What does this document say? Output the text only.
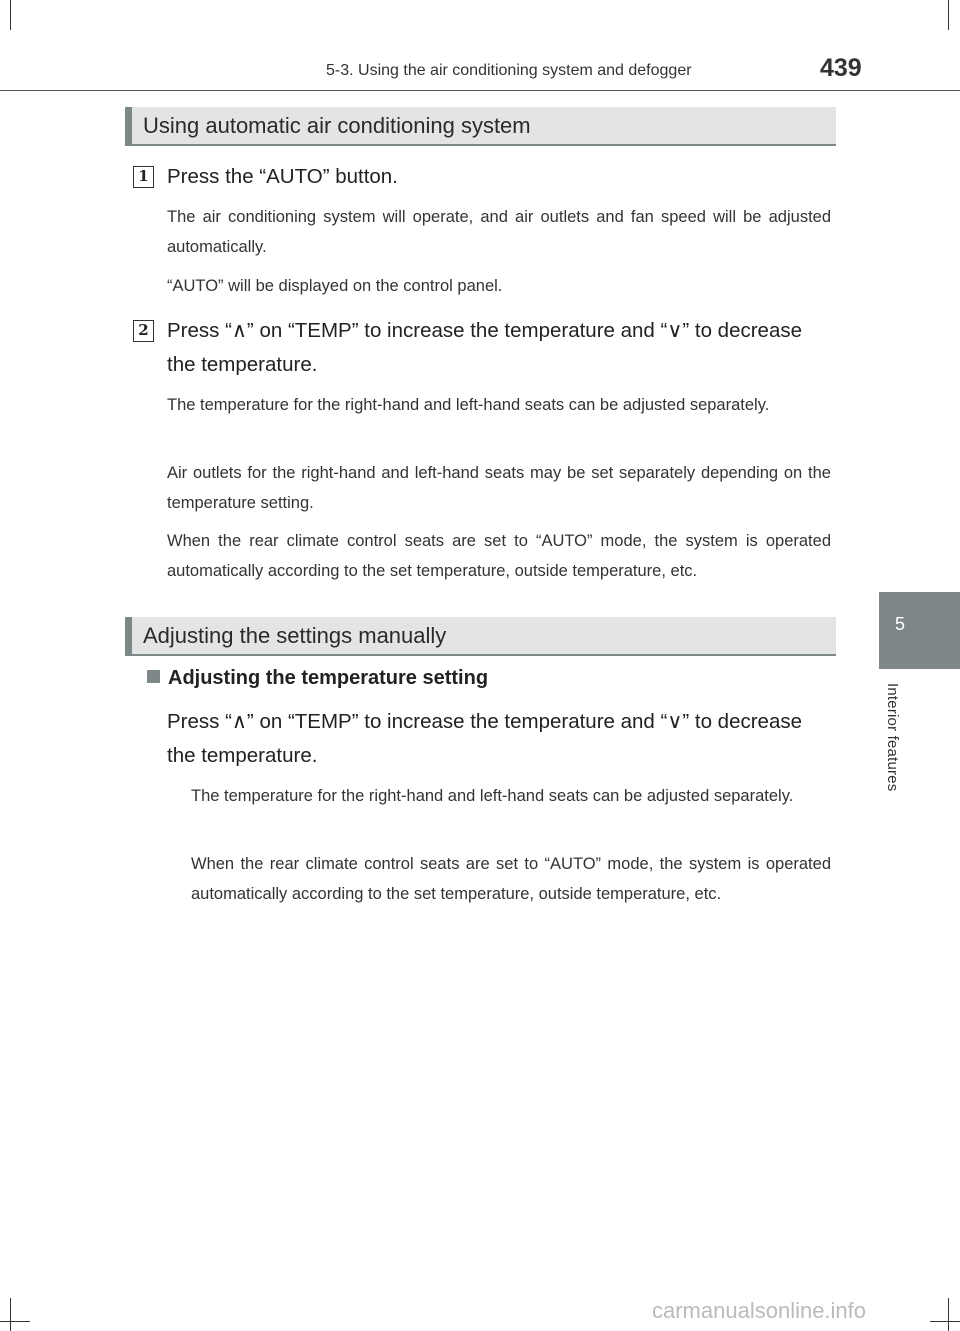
5-3. Using the air conditioning system and defogger	439
5
Interior features
Using automatic air conditioning system
1 Press the “AUTO” button.
The air conditioning system will operate, and air outlets and fan speed will be adjusted automatically.
“AUTO” will be displayed on the control panel.
2 Press “∧” on “TEMP” to increase the temperature and “∨” to decrease the temperature.
The temperature for the right-hand and left-hand seats can be adjusted separately.
Air outlets for the right-hand and left-hand seats may be set separately depending on the temperature setting.
When the rear climate control seats are set to “AUTO” mode, the system is operated automatically according to the set temperature, outside temperature, etc.
Adjusting the settings manually
Adjusting the temperature setting
Press “∧” on “TEMP” to increase the temperature and “∨” to decrease the temperature.
The temperature for the right-hand and left-hand seats can be adjusted separately.
When the rear climate control seats are set to “AUTO” mode, the system is operated automatically according to the set temperature, outside temperature, etc.
carmanualsonline.info
